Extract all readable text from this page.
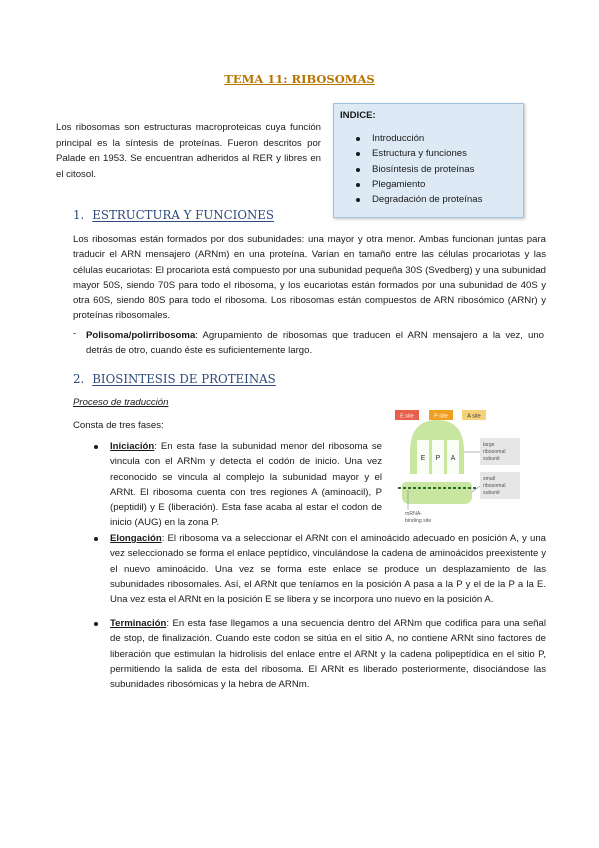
TEMA 11: RIBOSOMAS
Los ribosomas son estructuras macroproteicas cuya función principal es la síntesis de proteínas. Fueron descritos por Palade en 1953. Se encuentran adheridos al RER y libres en el citosol.
INDICE:
Introducción
Estructura y funciones
Biosíntesis de proteínas
Plegamiento
Degradación de proteínas
1. ESTRUCTURA Y FUNCIONES
Los ribosomas están formados por dos subunidades: una mayor y otra menor. Ambas funcionan juntas para traducir el ARN mensajero (ARNm) en una proteína. Varían en tamaño entre las células procariotas y las células eucariotas: El procariota está compuesto por una subunidad pequeña 30S (Svedberg) y una subunidad mayor 50S, siendo 70S para todo el ribosoma, y los eucariotas están formados por una subunidad de 40S y otra 60S, siendo 80S para todo el ribosoma. Los ribosomas están compuestos de ARN ribosómico (ARNr) y proteínas ribosomales.
- Polisoma/polirribosoma: Agrupamiento de ribosomas que traducen el ARN mensajero a la vez, uno detrás de otro, cuando éste es suficientemente largo.
2. BIOSINTESIS DE PROTEINAS
Proceso de traducción
Consta de tres fases:
Iniciación: En esta fase la subunidad menor del ribosoma se vincula con el ARNm y detecta el codón de inicio. Una vez reconocido se vincula al complejo la subunidad mayor y el ARNt. El ribosoma cuenta con tres regiones A (aminoacil), P (peptidil) y E (liberación). Esta fase acaba al estar el codon de inicio (AUG) en la zona P.
Elongación: El ribosoma va a seleccionar el ARNt con el aminoácido adecuado en posición A, y una vez seleccionado se forma el enlace peptídico, vinculándose la cadena de aminoácidos preexistente y el nuevo aminoácido. Una vez se forma este enlace se produce un desplazamiento de las subunidades ribosomales. Así, el ARNt que teníamos en la posición A pasa a la P y el de la P a la E. Una vez esta el ARNt en la posición E se libera y se incorpora uno nuevo en la posición A.
Terminación: En esta fase llegamos a una secuencia dentro del ARNm que codifica para una señal de stop, de finalización. Cuando este codon se sitúa en el sitio A, no contiene ARNt sino factores de liberación que estimulan la hidrolisis del enlace entre el ARNt y la cadena polipeptídica en el sitio P, permitiendo la salida de esta del ribosoma. El ARNt es liberado posteriormente, disociándose las subunidades ribosómicas y la hebra de ARNm.
E P A
E site	P site	A site
large
ribosomal
subunit
small
ribosomal
subunit
mRNA-
binding site
